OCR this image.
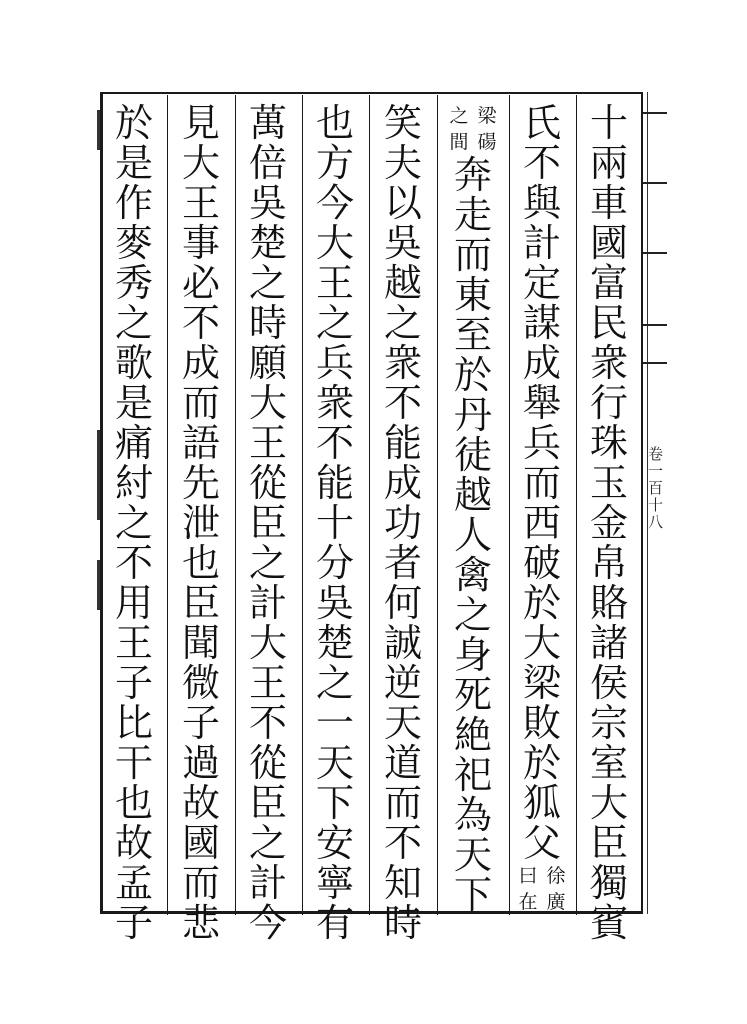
卷一百十八
十
兩
車
國
富
民
衆
行
珠
玉
金
帛
賂
諸
侯
宗
室
大
臣
獨
賓
氏
不
與
計
定
謀
成
舉
兵
而
西
破
於
大
梁
敗
於
狐
父
徐
廣
曰
在
梁
碭
之
間
奔
走
而
東
至
於
丹
徒
越
人
禽
之
身
死
絶
祀
為
天
下
笑
夫
以
吳
越
之
衆
不
能
成
功
者
何
誠
逆
天
道
而
不
知
時
也
方
今
大
王
之
兵
衆
不
能
十
分
吳
楚
之
一
天
下
安
寧
有
萬
倍
吳
楚
之
時
願
大
王
從
臣
之
計
大
王
不
從
臣
之
計
今
見
大
王
事
必
不
成
而
語
先
泄
也
臣
聞
微
子
過
故
國
而
悲
於
是
作
麥
秀
之
歌
是
痛
紂
之
不
用
王
子
比
干
也
故
孟
子
